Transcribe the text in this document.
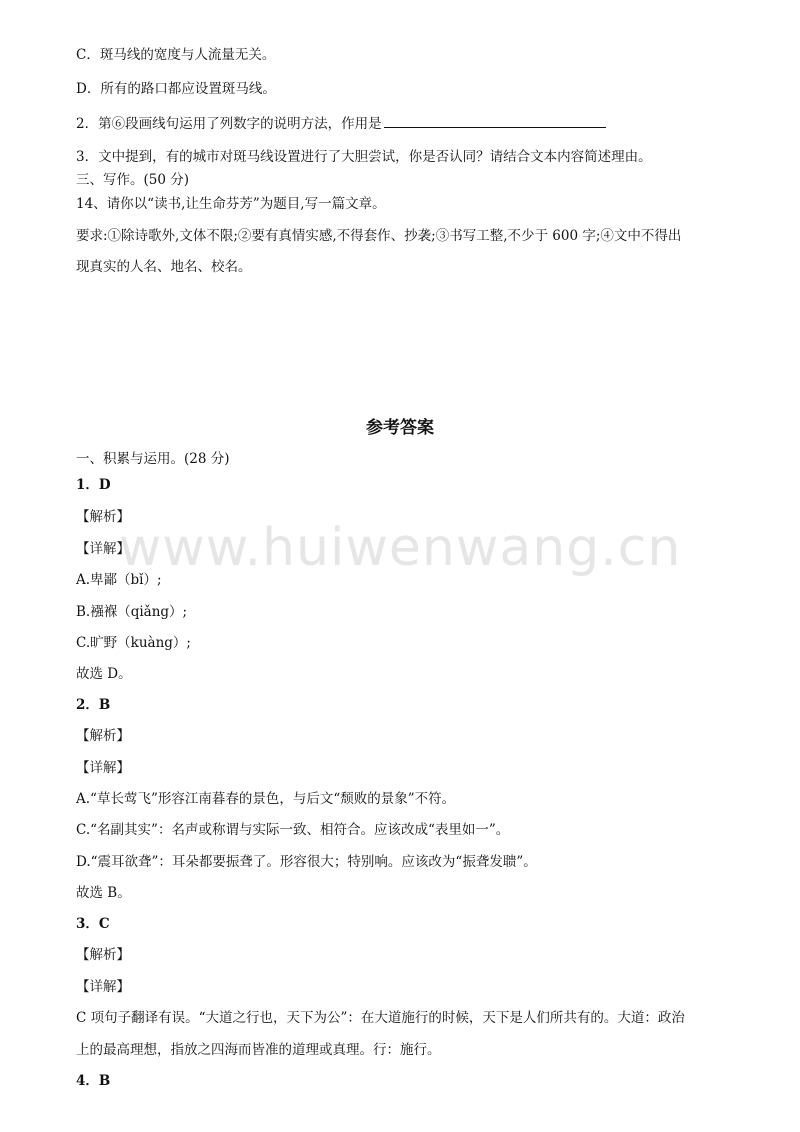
C．斑马线的宽度与人流量无关。
D．所有的路口都应设置斑马线。
2．第⑥段画线句运用了列数字的说明方法，作用是
3．文中提到，有的城市对斑马线设置进行了大胆尝试，你是否认同？请结合文本内容简述理由。
三、写作。(50 分)
14、请你以“读书,让生命芬芳”为题目,写一篇文章。
要求:①除诗歌外,文体不限;②要有真情实感,不得套作、抄袭;③书写工整,不少于 600 字;④文中不得出
现真实的人名、地名、校名。
www.huiwenwang.cn
参考答案
一、积累与运用。(28 分)
1．D
【解析】
【详解】
A.卑鄙（bǐ）;
B.襁褓（qiǎng）;
C.旷野（kuàng）;
故选 D。
2．B
【解析】
【详解】
A.“草长莺飞”形容江南暮春的景色，与后文“颓败的景象”不符。
C.“名副其实”：名声或称谓与实际一致、相符合。应该改成“表里如一”。
D.“震耳欲聋”：耳朵都要振聋了。形容很大；特别响。应该改为“振聋发聩”。
故选 B。
3．C
【解析】
【详解】
C 项句子翻译有误。“大道之行也，天下为公”：在大道施行的时候，天下是人们所共有的。大道：政治
上的最高理想，指放之四海而皆准的道理或真理。行：施行。
4．B
